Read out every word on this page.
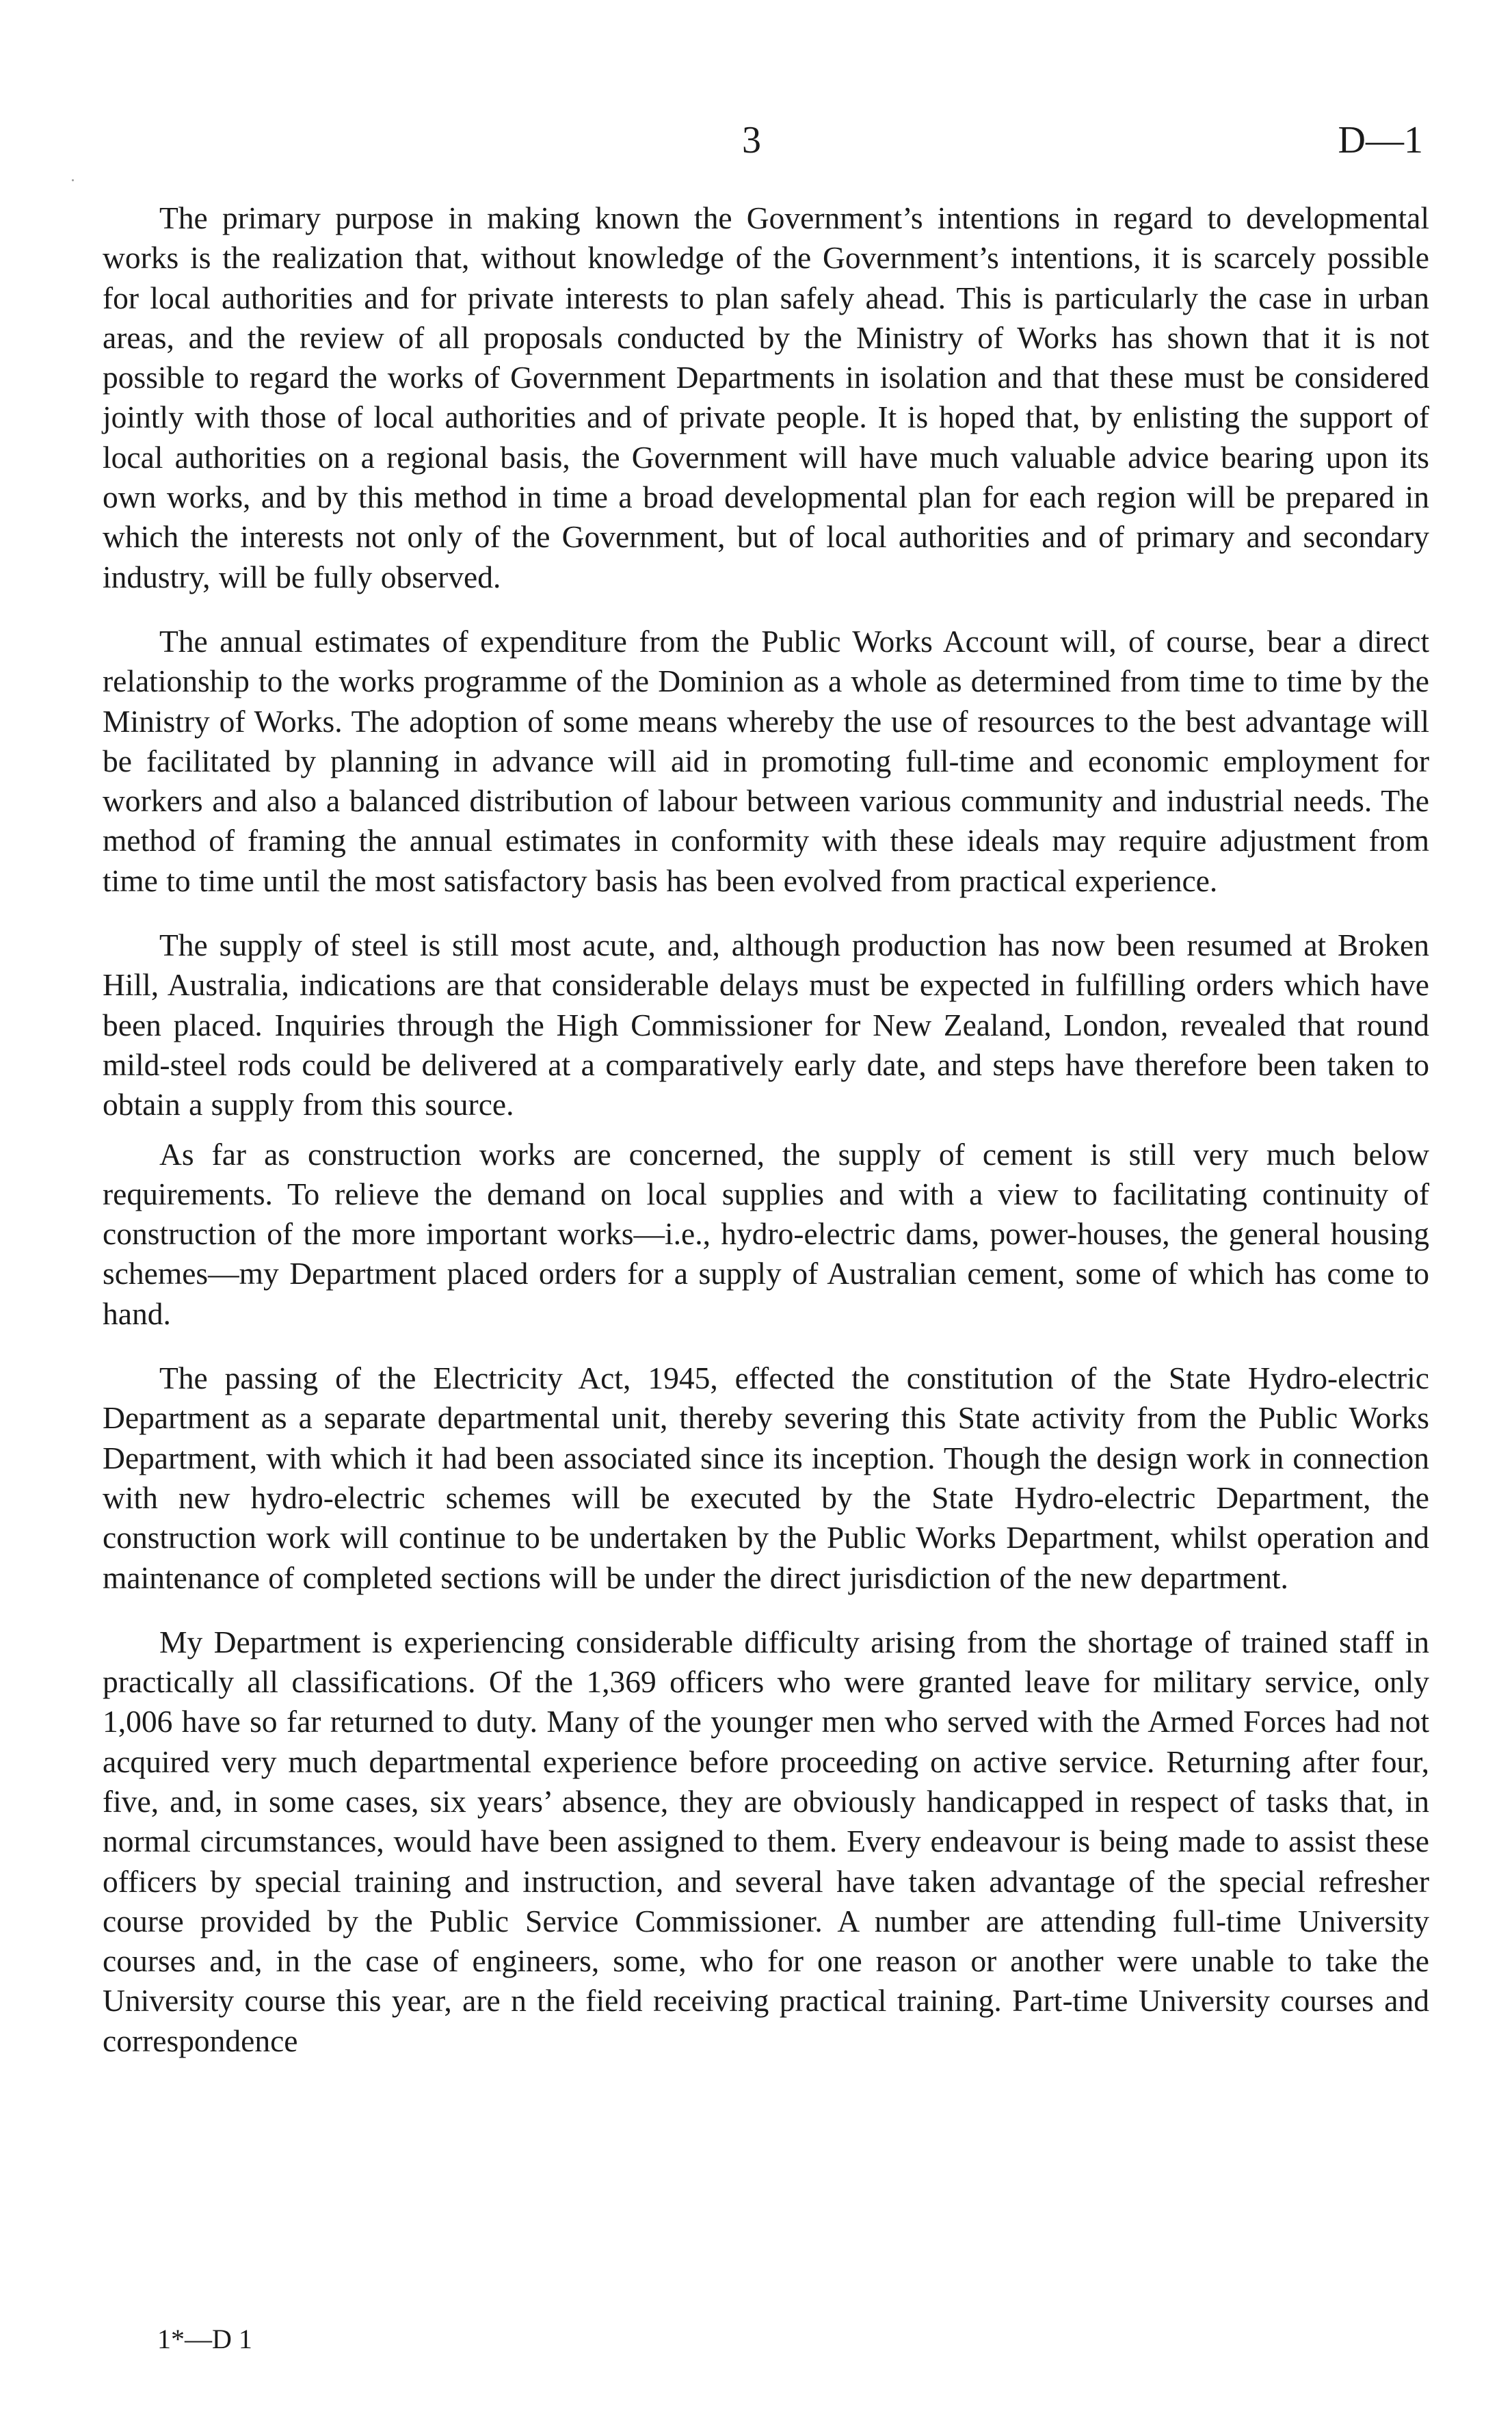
3	D—1

The primary purpose in making known the Government’s intentions in regard to developmental works is the realization that, without knowledge of the Government’s intentions, it is scarcely possible for local authorities and for private interests to plan safely ahead. This is particularly the case in urban areas, and the review of all proposals conducted by the Ministry of Works has shown that it is not possible to regard the works of Government Departments in isolation and that these must be considered jointly with those of local authorities and of private people. It is hoped that, by enlisting the support of local authorities on a regional basis, the Government will have much valuable advice bearing upon its own works, and by this method in time a broad developmental plan for each region will be prepared in which the interests not only of the Government, but of local authorities and of primary and secondary industry, will be fully observed.

The annual estimates of expenditure from the Public Works Account will, of course, bear a direct relationship to the works programme of the Dominion as a whole as determined from time to time by the Ministry of Works. The adoption of some means whereby the use of resources to the best advantage will be facilitated by planning in advance will aid in promoting full-time and economic employment for workers and also a balanced distribution of labour between various community and industrial needs. The method of framing the annual estimates in conformity with these ideals may require adjustment from time to time until the most satisfactory basis has been evolved from practical experience.

The supply of steel is still most acute, and, although production has now been resumed at Broken Hill, Australia, indications are that considerable delays must be expected in fulfilling orders which have been placed. Inquiries through the High Commissioner for New Zealand, London, revealed that round mild-steel rods could be delivered at a comparatively early date, and steps have therefore been taken to obtain a supply from this source.

As far as construction works are concerned, the supply of cement is still very much below requirements. To relieve the demand on local supplies and with a view to facilitating continuity of construction of the more important works—i.e., hydro-electric dams, power-houses, the general housing schemes—my Department placed orders for a supply of Australian cement, some of which has come to hand.

The passing of the Electricity Act, 1945, effected the constitution of the State Hydro-electric Department as a separate departmental unit, thereby severing this State activity from the Public Works Department, with which it had been associated since its inception. Though the design work in connection with new hydro-electric schemes will be executed by the State Hydro-electric Department, the construction work will continue to be undertaken by the Public Works Department, whilst operation and maintenance of completed sections will be under the direct jurisdiction of the new department.

My Department is experiencing considerable difficulty arising from the shortage of trained staff in practically all classifications. Of the 1,369 officers who were granted leave for military service, only 1,006 have so far returned to duty. Many of the younger men who served with the Armed Forces had not acquired very much departmental experience before proceeding on active service. Returning after four, five, and, in some cases, six years’ absence, they are obviously handicapped in respect of tasks that, in normal circumstances, would have been assigned to them. Every endeavour is being made to assist these officers by special training and instruction, and several have taken advantage of the special refresher course provided by the Public Service Commissioner. A number are attending full-time University courses and, in the case of engineers, some, who for one reason or another were unable to take the University course this year, are n the field receiving practical training. Part-time University courses and correspondence

1*—D 1
